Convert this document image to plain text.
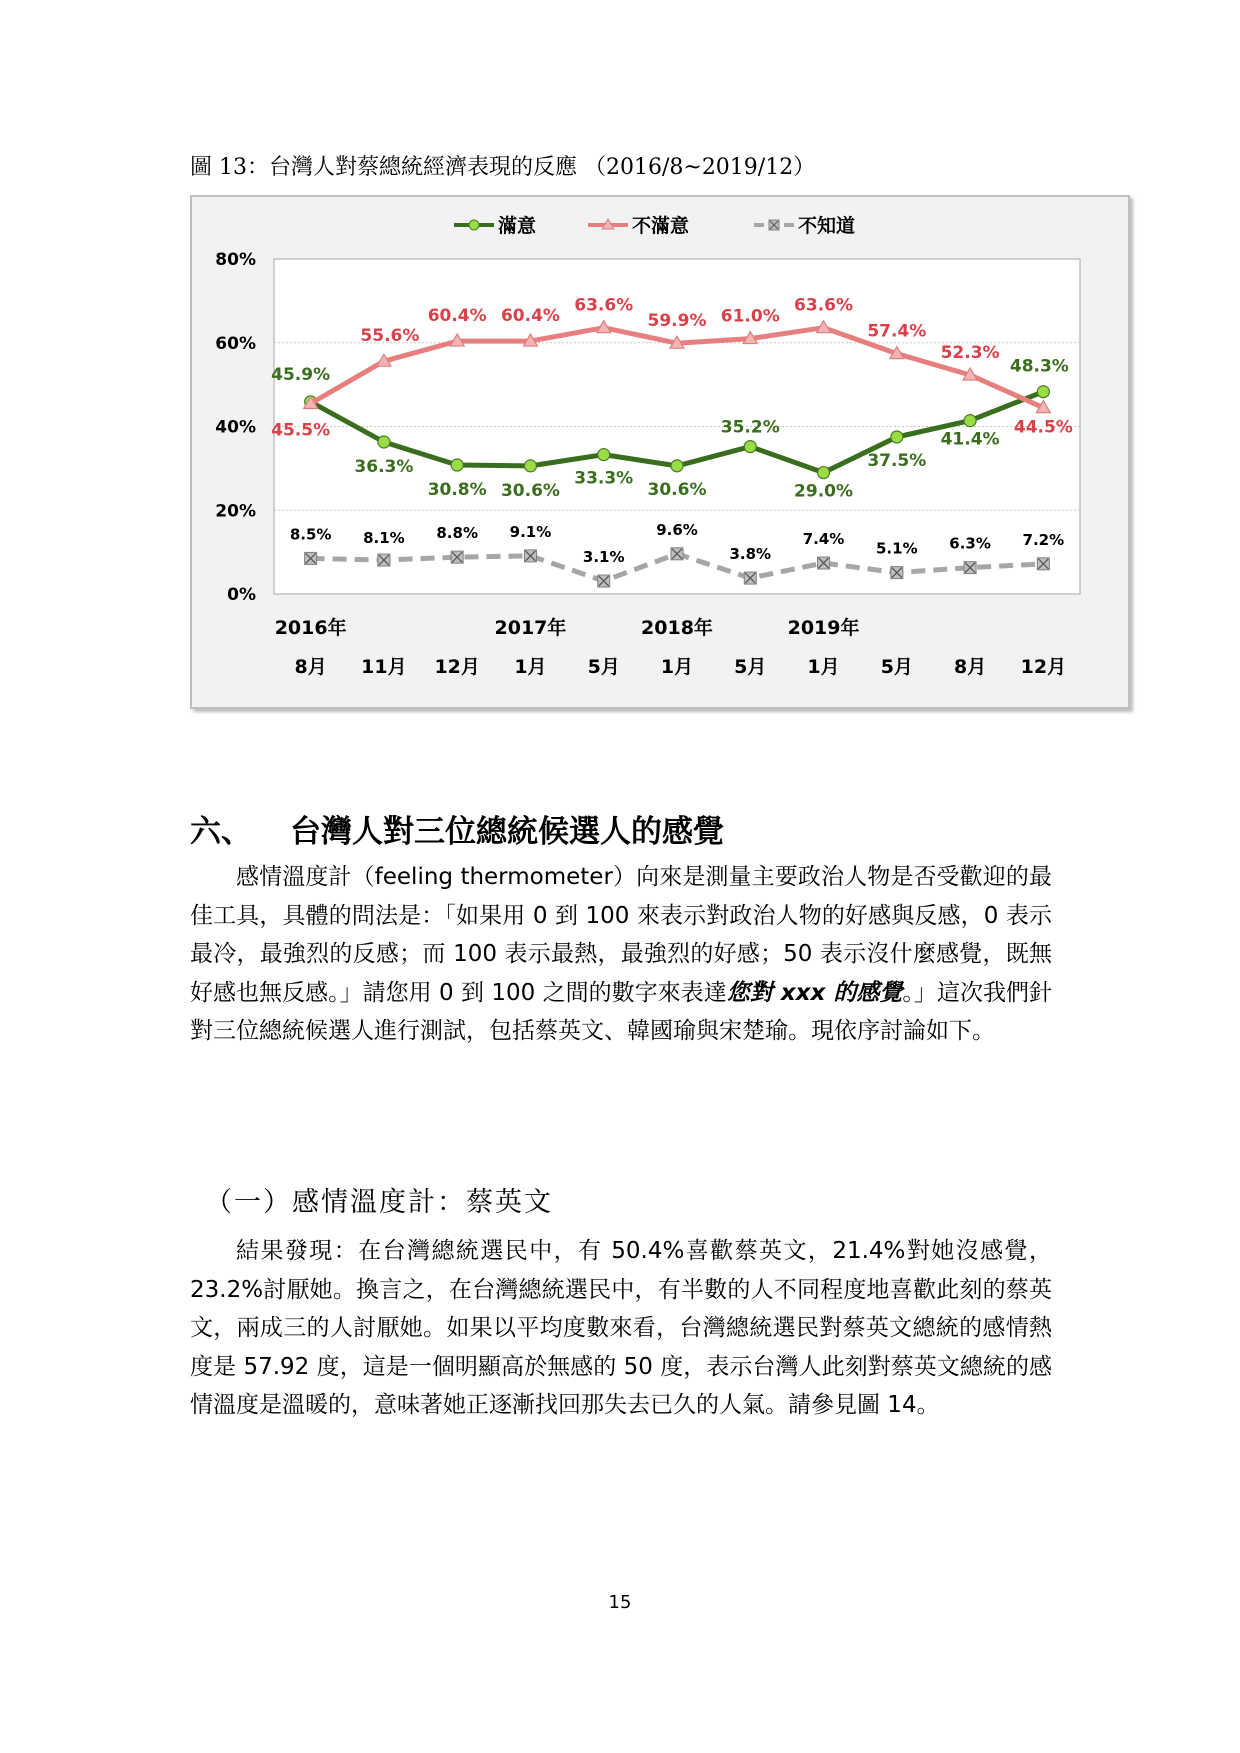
圖 13：台灣人對蔡總統經濟表現的反應 （2016/8~2019/12）
0%
20%
40%
60%
80%
2016年	2017年	2018年	2019年
8月 11月 12月 1月 5月 1月 5月 1月 5月 8月 12月
45.9%
36.3%
30.8% 30.6%
33.3%
30.6%
35.2%
29.0%
37.5%
41.4%
48.3%
45.5%
55.6%
60.4% 60.4%
63.6%
59.9% 61.0%
63.6%
57.4%
52.3%
44.5%
8.5% 8.1% 8.8% 9.1%
3.1%
9.6%
3.8%
7.4%
5.1% 6.3% 7.2%
滿意	不滿意	不知道
六、 台灣人對三位總統候選人的感覺

感情溫度計（feeling thermometer）向來是測量主要政治人物是否受歡迎的最佳工具，具體的問法是：「如果用 0 到 100 來表示對政治人物的好感與反感，0 表示最冷，最強烈的反感；而 100 表示最熱，最強烈的好感；50 表示沒什麼感覺，既無好感也無反感。」請您用 0 到 100 之間的數字來表達您對 xxx 的感覺。」這次我們針對三位總統候選人進行測試，包括蔡英文、韓國瑜與宋楚瑜。現依序討論如下。

（一）感情溫度計：蔡英文

結果發現：在台灣總統選民中，有 50.4%喜歡蔡英文，21.4%對她沒感覺，23.2%討厭她。換言之，在台灣總統選民中，有半數的人不同程度地喜歡此刻的蔡英文，兩成三的人討厭她。如果以平均度數來看，台灣總統選民對蔡英文總統的感情熱度是 57.92 度，這是一個明顯高於無感的 50 度，表示台灣人此刻對蔡英文總統的感情溫度是溫暖的，意味著她正逐漸找回那失去已久的人氣。請參見圖 14。

15
